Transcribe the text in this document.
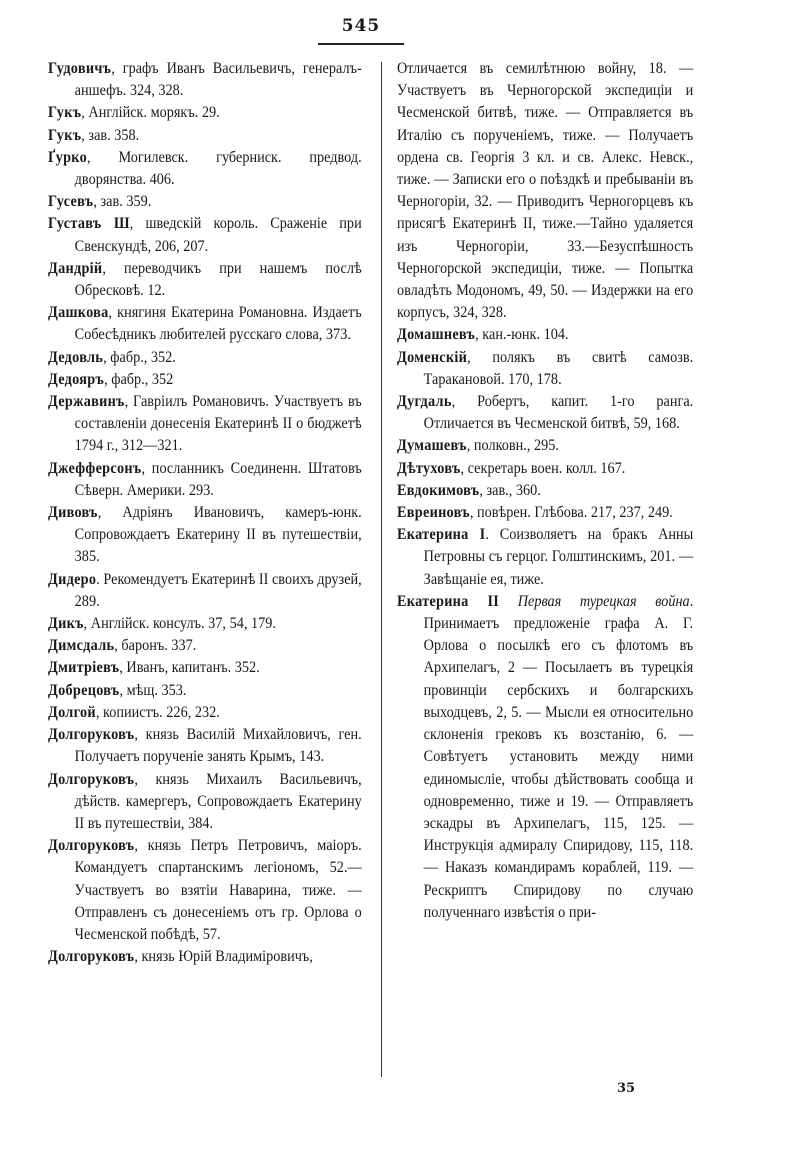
545

Гудовичъ, графъ Иванъ Васильевичъ, генералъ-аншефъ. 324, 328.

Гукъ, Англійск. морякъ. 29.

Гукъ, зав. 358.

Ґурко, Могилевск. губерниск. предвод. дворянства. 406.

Гусевъ, зав. 359.

Густавъ Ш, шведскій король. Сраженіе при Свенскундѣ, 206, 207.

Дандрій, переводчикъ при нашемъ послѣ Обресковѣ. 12.

Дашкова, княгиня Екатерина Романовна. Издаетъ Собесѣдникъ любителей русскаго слова, 373.

Дедовль, фабр., 352.

Дедояръ, фабр., 352

Державинъ, Гавріилъ Романовичъ. Участвуетъ въ составленіи донесенія Екатеринѣ II о бюджетѣ 1794 г., 312—321.

Джефферсонъ, посланникъ Соединенн. Штатовъ Сѣверн. Америки. 293.

Дивовъ, Адріянъ Ивановичъ, камеръ-юнк. Сопровождаетъ Екатерину II въ путешествіи, 385.

Дидеро. Рекомендуетъ Екатеринѣ II своихъ друзей, 289.

Дикъ, Англійск. консулъ. 37, 54, 179.

Димсдаль, баронъ. 337.

Дмитріевъ, Иванъ, капитанъ. 352.

Добрецовъ, мѣщ. 353.

Долгой, копиистъ. 226, 232.

Долгоруковъ, князь Василій Михайловичъ, ген. Получаетъ порученіе занять Крымъ, 143.

Долгоруковъ, князь Михаилъ Васильевичъ, дѣйств. камергеръ, Сопровождаетъ Екатерину II въ путешествіи, 384.

Долгоруковъ, князь Петръ Петровичъ, маіоръ. Командуетъ спартанскимъ легіономъ, 52.— Участвуетъ во взятіи Наварина, тиже. — Отправленъ съ донесеніемъ отъ гр. Орлова о Чесменской побѣдѣ, 57.

Долгоруковъ, князь Юрій Владиміровичъ,

Отличается въ семилѣтнюю войну, 18. — Участвуетъ въ Черногорской экспедиціи и Чесменской битвѣ, тиже. — Отправляется въ Италію съ порученіемъ, тиже. — Получаетъ ордена св. Георгія 3 кл. и св. Алекс. Невск., тиже. — Записки его о поѣздкѣ и пребываніи въ Черногоріи, 32. — Приводитъ Черногорцевъ къ присягѣ Екатеринѣ II, тиже.—Тайно удаляется изъ Черногоріи, 33.—Безуспѣшность Черногорской экспедиціи, тиже. — Попытка овладѣть Модономъ, 49, 50. — Издержки на его корпусъ, 324, 328.

Домашневъ, кан.-юнк. 104.

Доменскій, полякъ въ свитѣ самозв. Таракановой. 170, 178.

Дугдаль, Робертъ, капит. 1-го ранга. Отличается въ Чесменской битвѣ, 59, 168.

Думашевъ, полковн., 295.

Дѣтуховъ, секретарь воен. колл. 167.

Евдокимовъ, зав., 360.

Евреиновъ, повѣрен. Глѣбова. 217, 237, 249.

Екатерина I. Соизволяетъ на бракъ Анны Петровны съ герцог. Голштинскимъ, 201. — Завѣщаніе ея, тиже.

Екатерина II Первая турецкая война. Принимаетъ предложеніе графа А. Г. Орлова о посылкѣ его съ флотомъ въ Архипелагъ, 2 — Посылаетъ въ турецкія провинціи сербскихъ и болгарскихъ выходцевъ, 2, 5. — Мысли ея относительно склоненія грековъ къ возстанію, 6. — Совѣтуетъ установить между ними единомысліе, чтобы дѣйствовать сообща и одновременно, тиже и 19. — Отправляетъ эскадры въ Архипелагъ, 115, 125. — Инструкція адмиралу Спиридову, 115, 118. — Наказъ командирамъ кораблей, 119. — Рескриптъ Спиридову по случаю полученнаго извѣстія о при-

35
